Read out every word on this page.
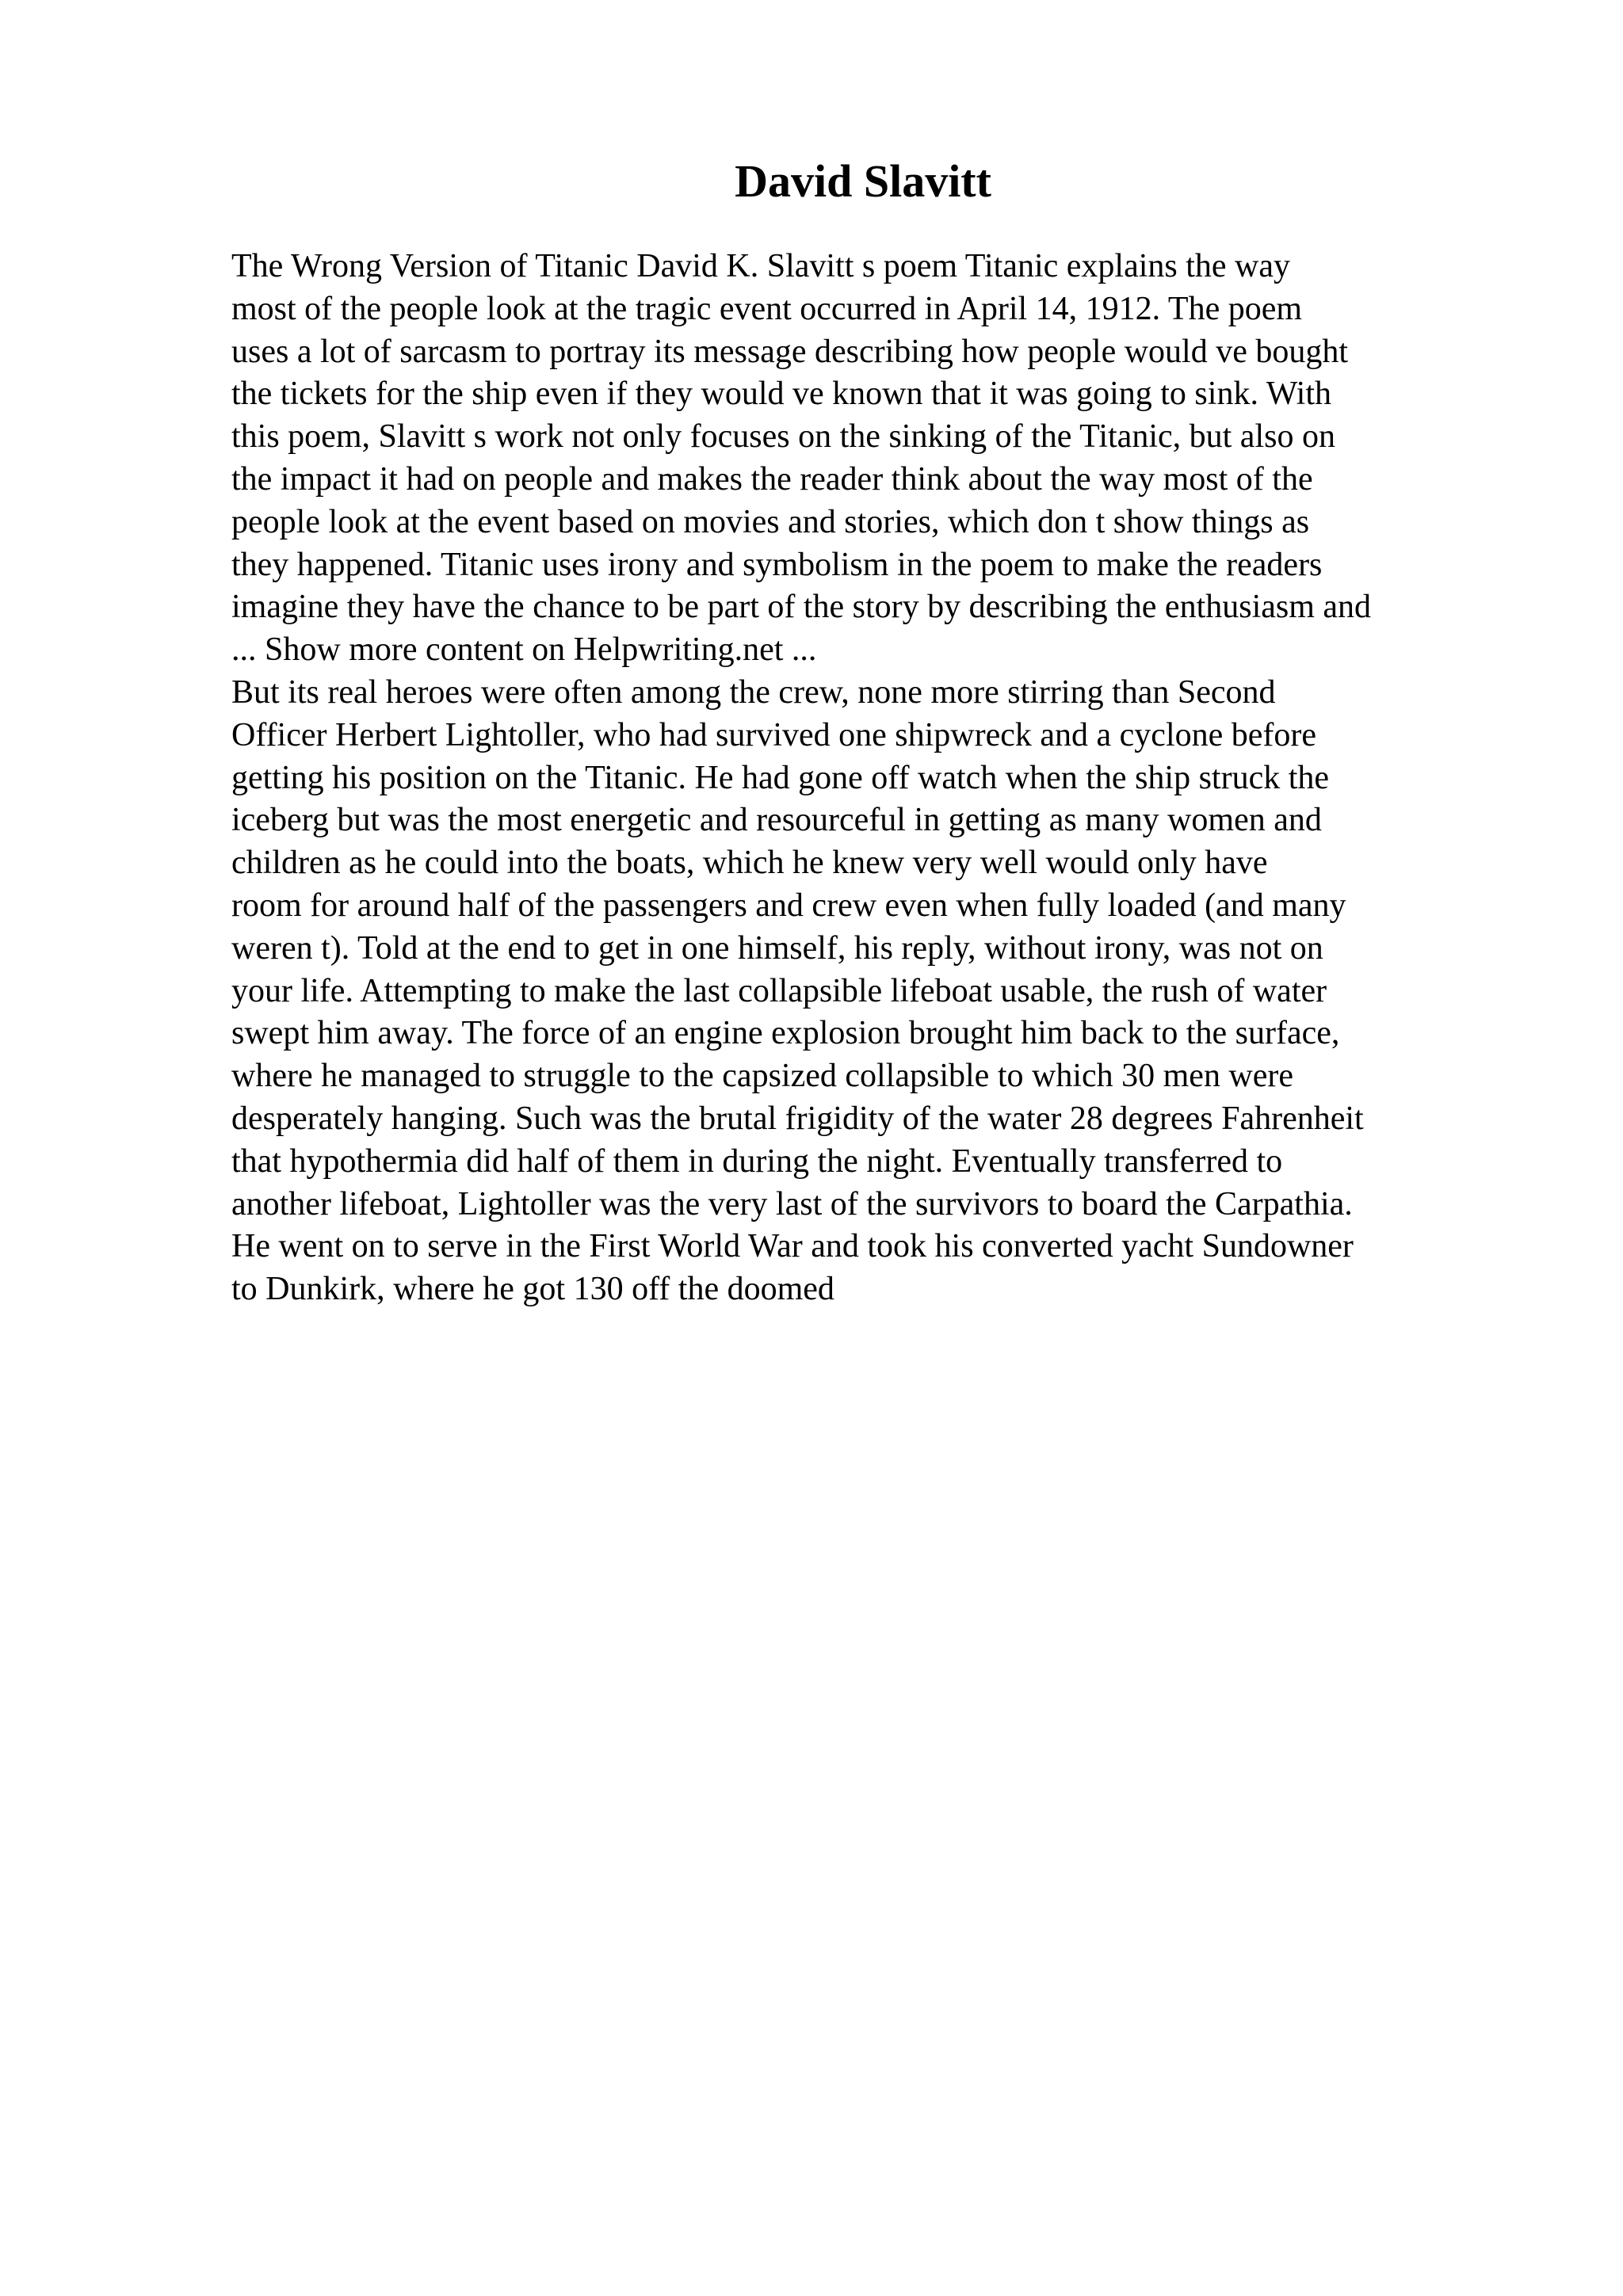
David Slavitt
The Wrong Version of Titanic David K. Slavitt s poem Titanic explains the way
most of the people look at the tragic event occurred in April 14, 1912. The poem
uses a lot of sarcasm to portray its message describing how people would ve bought
the tickets for the ship even if they would ve known that it was going to sink. With
this poem, Slavitt s work not only focuses on the sinking of the Titanic, but also on
the impact it had on people and makes the reader think about the way most of the
people look at the event based on movies and stories, which don t show things as
they happened. Titanic uses irony and symbolism in the poem to make the readers
imagine they have the chance to be part of the story by describing the enthusiasm and
... Show more content on Helpwriting.net ...
But its real heroes were often among the crew, none more stirring than Second
Officer Herbert Lightoller, who had survived one shipwreck and a cyclone before
getting his position on the Titanic. He had gone off watch when the ship struck the
iceberg but was the most energetic and resourceful in getting as many women and
children as he could into the boats, which he knew very well would only have
room for around half of the passengers and crew even when fully loaded (and many
weren t). Told at the end to get in one himself, his reply, without irony, was not on
your life. Attempting to make the last collapsible lifeboat usable, the rush of water
swept him away. The force of an engine explosion brought him back to the surface,
where he managed to struggle to the capsized collapsible to which 30 men were
desperately hanging. Such was the brutal frigidity of the water 28 degrees Fahrenheit
that hypothermia did half of them in during the night. Eventually transferred to
another lifeboat, Lightoller was the very last of the survivors to board the Carpathia.
He went on to serve in the First World War and took his converted yacht Sundowner
to Dunkirk, where he got 130 off the doomed
